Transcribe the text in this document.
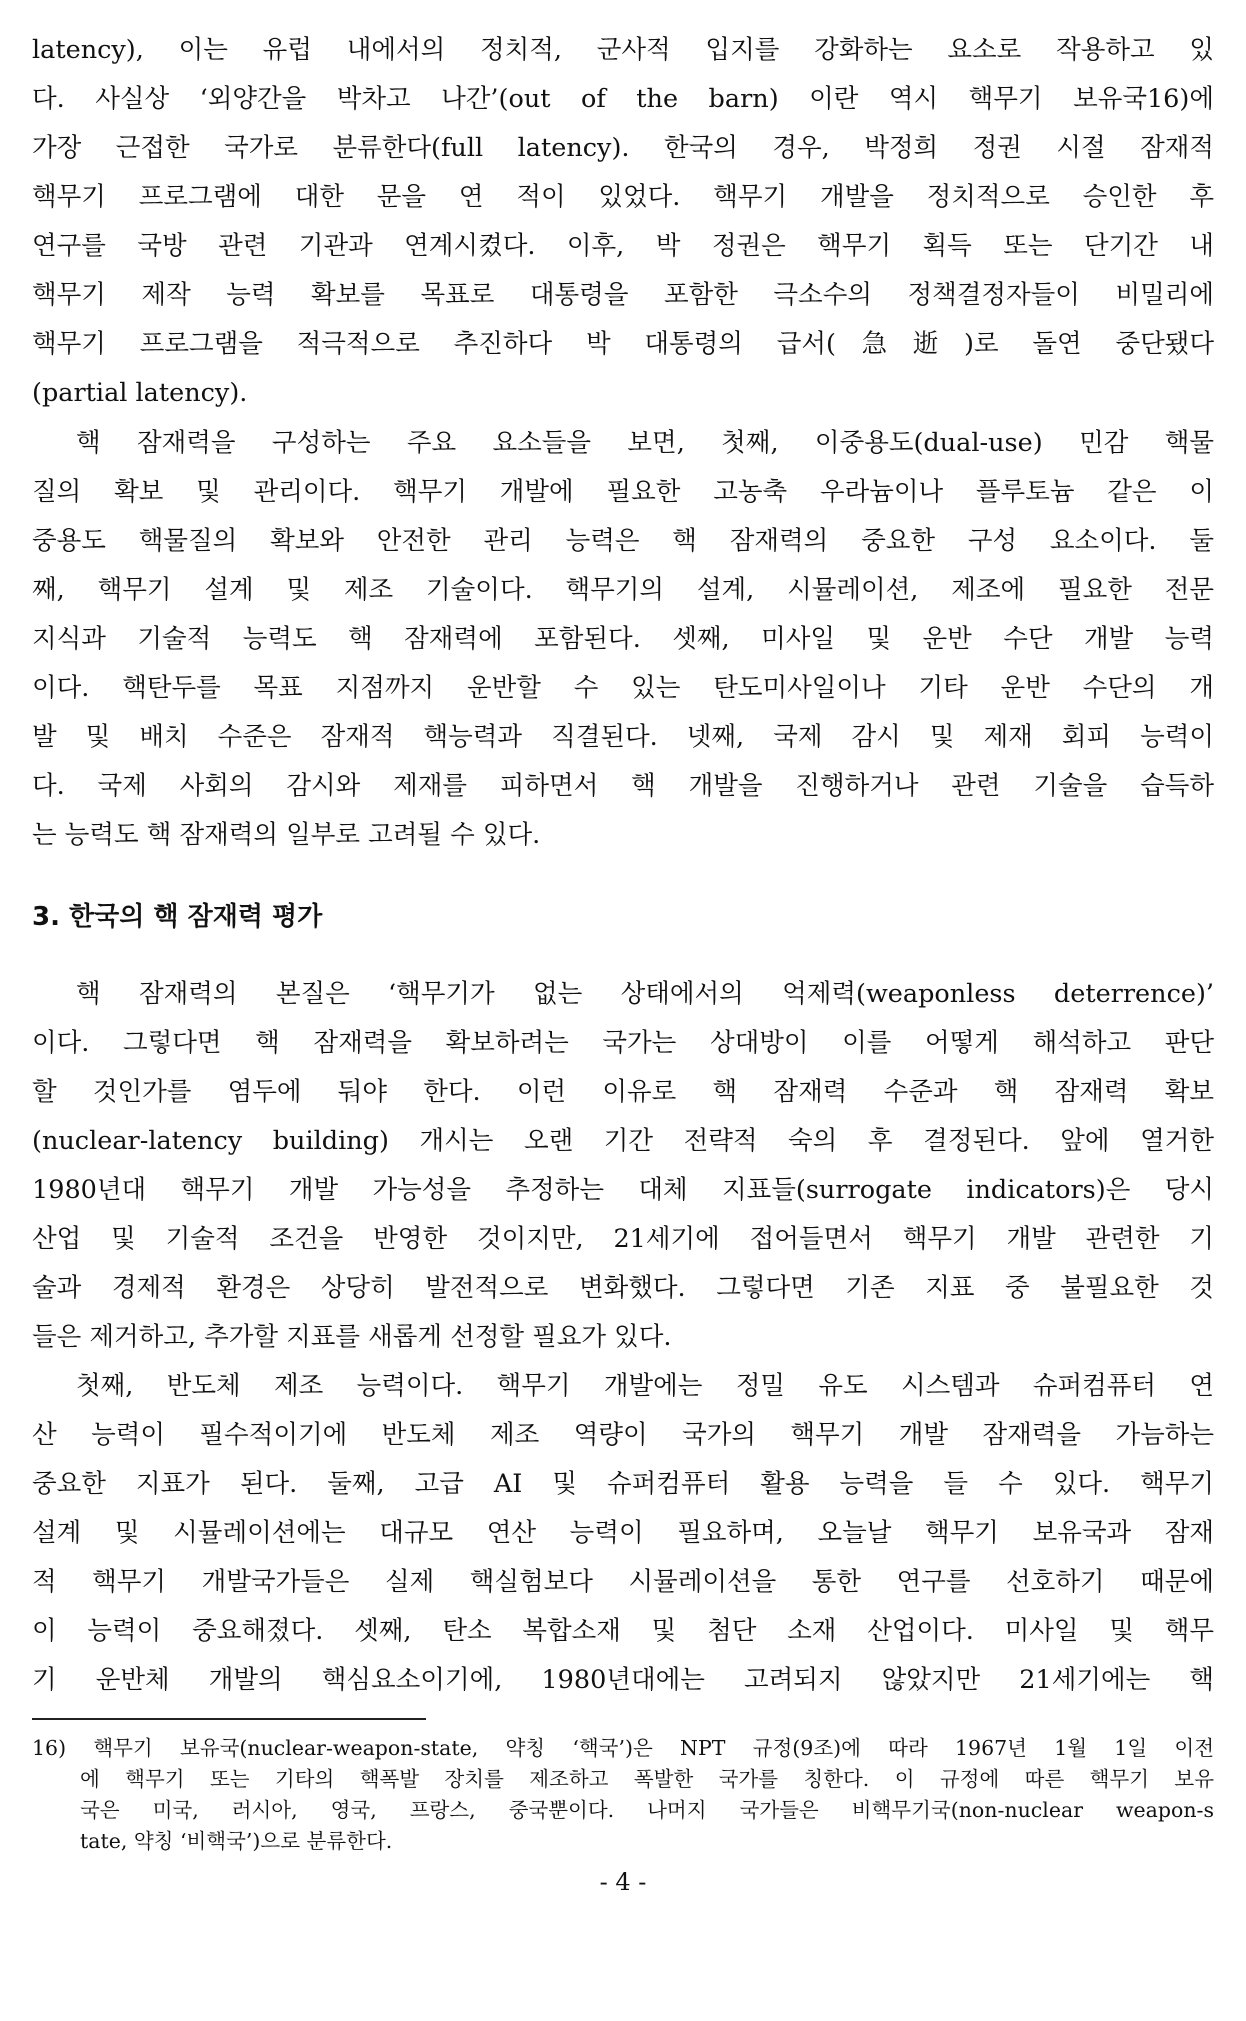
latency), 이는 유럽 내에서의 정치적, 군사적 입지를 강화하는 요소로 작용하고 있
다. 사실상 ‘외양간을 박차고 나간’(out of the barn) 이란 역시 핵무기 보유국16)에
가장 근접한 국가로 분류한다(full latency). 한국의 경우, 박정희 정권 시절 잠재적
핵무기 프로그램에 대한 문을 연 적이 있었다. 핵무기 개발을 정치적으로 승인한 후
연구를 국방 관련 기관과 연계시켰다. 이후, 박 정권은 핵무기 획득 또는 단기간 내
핵무기 제작 능력 확보를 목표로 대통령을 포함한 극소수의 정책결정자들이 비밀리에
핵무기 프로그램을 적극적으로 추진하다 박 대통령의 급서(急逝)로 돌연 중단됐다
(partial latency).
핵 잠재력을 구성하는 주요 요소들을 보면, 첫째, 이중용도(dual-use) 민감 핵물
질의 확보 및 관리이다. 핵무기 개발에 필요한 고농축 우라늄이나 플루토늄 같은 이
중용도 핵물질의 확보와 안전한 관리 능력은 핵 잠재력의 중요한 구성 요소이다. 둘
째, 핵무기 설계 및 제조 기술이다. 핵무기의 설계, 시뮬레이션, 제조에 필요한 전문
지식과 기술적 능력도 핵 잠재력에 포함된다. 셋째, 미사일 및 운반 수단 개발 능력
이다. 핵탄두를 목표 지점까지 운반할 수 있는 탄도미사일이나 기타 운반 수단의 개
발 및 배치 수준은 잠재적 핵능력과 직결된다. 넷째, 국제 감시 및 제재 회피 능력이
다. 국제 사회의 감시와 제재를 피하면서 핵 개발을 진행하거나 관련 기술을 습득하
는 능력도 핵 잠재력의 일부로 고려될 수 있다.
3. 한국의 핵 잠재력 평가
핵 잠재력의 본질은 ‘핵무기가 없는 상태에서의 억제력(weaponless deterrence)’
이다. 그렇다면 핵 잠재력을 확보하려는 국가는 상대방이 이를 어떻게 해석하고 판단
할 것인가를 염두에 둬야 한다. 이런 이유로 핵 잠재력 수준과 핵 잠재력 확보
(nuclear-latency building) 개시는 오랜 기간 전략적 숙의 후 결정된다. 앞에 열거한
1980년대 핵무기 개발 가능성을 추정하는 대체 지표들(surrogate indicators)은 당시
산업 및 기술적 조건을 반영한 것이지만, 21세기에 접어들면서 핵무기 개발 관련한 기
술과 경제적 환경은 상당히 발전적으로 변화했다. 그렇다면 기존 지표 중 불필요한 것
들은 제거하고, 추가할 지표를 새롭게 선정할 필요가 있다.
첫째, 반도체 제조 능력이다. 핵무기 개발에는 정밀 유도 시스템과 슈퍼컴퓨터 연
산 능력이 필수적이기에 반도체 제조 역량이 국가의 핵무기 개발 잠재력을 가늠하는
중요한 지표가 된다. 둘째, 고급 AI 및 슈퍼컴퓨터 활용 능력을 들 수 있다. 핵무기
설계 및 시뮬레이션에는 대규모 연산 능력이 필요하며, 오늘날 핵무기 보유국과 잠재
적 핵무기 개발국가들은 실제 핵실험보다 시뮬레이션을 통한 연구를 선호하기 때문에
이 능력이 중요해졌다. 셋째, 탄소 복합소재 및 첨단 소재 산업이다. 미사일 및 핵무
기 운반체 개발의 핵심요소이기에, 1980년대에는 고려되지 않았지만 21세기에는 핵
16) 핵무기 보유국(nuclear-weapon-state, 약칭 ‘핵국’)은 NPT 규정(9조)에 따라 1967년 1월 1일 이전
에 핵무기 또는 기타의 핵폭발 장치를 제조하고 폭발한 국가를 칭한다. 이 규정에 따른 핵무기 보유
국은 미국, 러시아, 영국, 프랑스, 중국뿐이다. 나머지 국가들은 비핵무기국(non-nuclear weapon-s
tate, 약칭 ‘비핵국’)으로 분류한다.
- 4 -
